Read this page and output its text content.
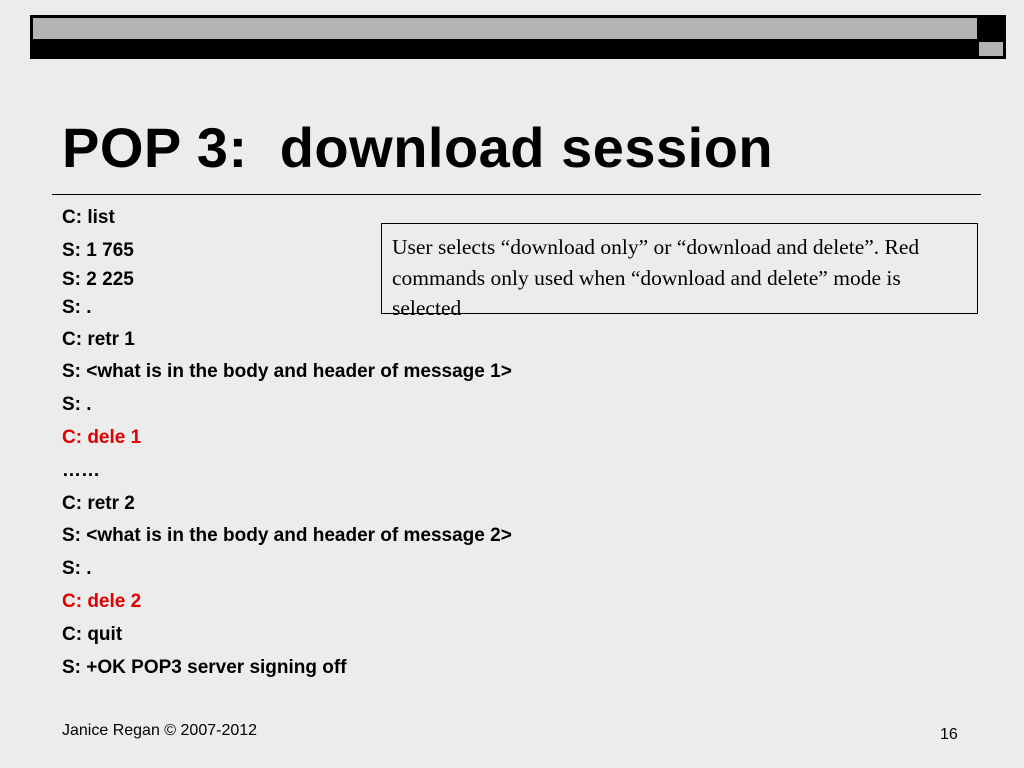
POP 3:  download session
C: list
S: 1 765
S: 2 225
S: .
C: retr 1
S: <what is in the body and header of message 1>
S: .
C: dele 1
……
C: retr 2
S: <what is in the body and header of message 2>
S: .
C: dele 2
C: quit
S: +OK POP3 server signing off
User selects “download only” or “download and delete”. Red commands only used when “download and delete” mode is selected
Janice Regan © 2007-2012	16
